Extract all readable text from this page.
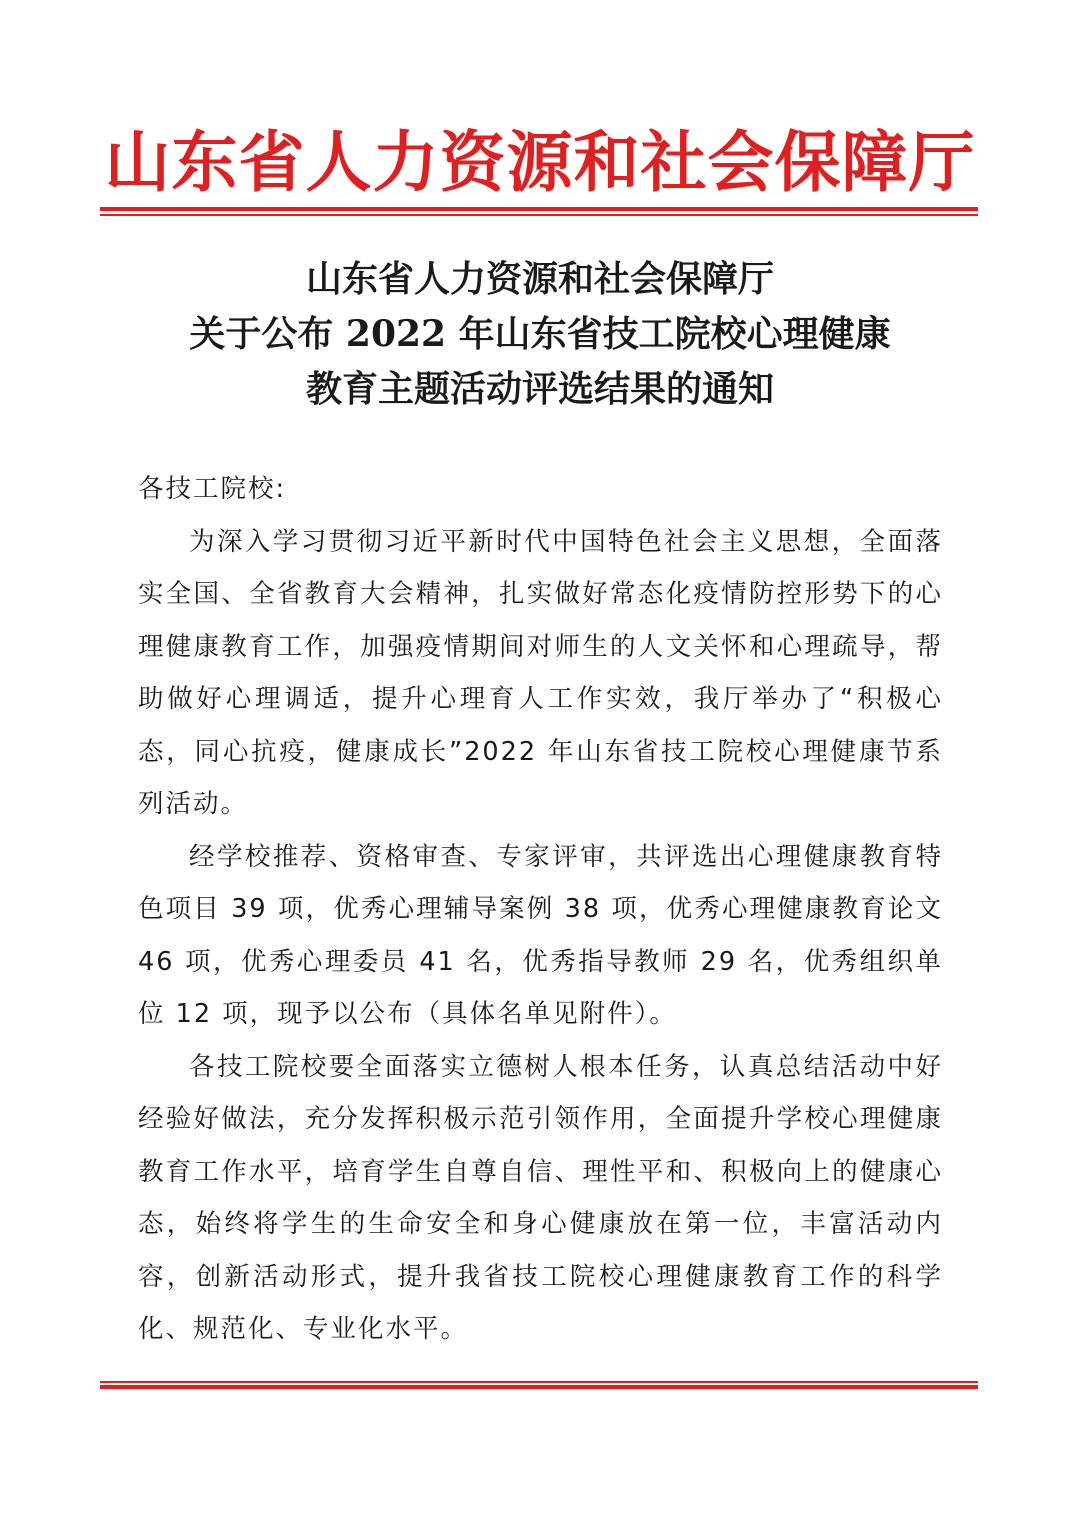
山东省人力资源和社会保障厅
山东省人力资源和社会保障厅
关于公布 2022 年山东省技工院校心理健康
教育主题活动评选结果的通知

各技工院校:

为深入学习贯彻习近平新时代中国特色社会主义思想，全面落实全国、全省教育大会精神，扎实做好常态化疫情防控形势下的心理健康教育工作，加强疫情期间对师生的人文关怀和心理疏导，帮助做好心理调适，提升心理育人工作实效，我厅举办了“积极心态，同心抗疫，健康成长”2022 年山东省技工院校心理健康节系列活动。

经学校推荐、资格审查、专家评审，共评选出心理健康教育特色项目 39 项，优秀心理辅导案例 38 项，优秀心理健康教育论文 46 项，优秀心理委员 41 名，优秀指导教师 29 名，优秀组织单位 12 项，现予以公布（具体名单见附件）。

各技工院校要全面落实立德树人根本任务，认真总结活动中好经验好做法，充分发挥积极示范引领作用，全面提升学校心理健康教育工作水平，培育学生自尊自信、理性平和、积极向上的健康心态，始终将学生的生命安全和身心健康放在第一位，丰富活动内容，创新活动形式，提升我省技工院校心理健康教育工作的科学化、规范化、专业化水平。
